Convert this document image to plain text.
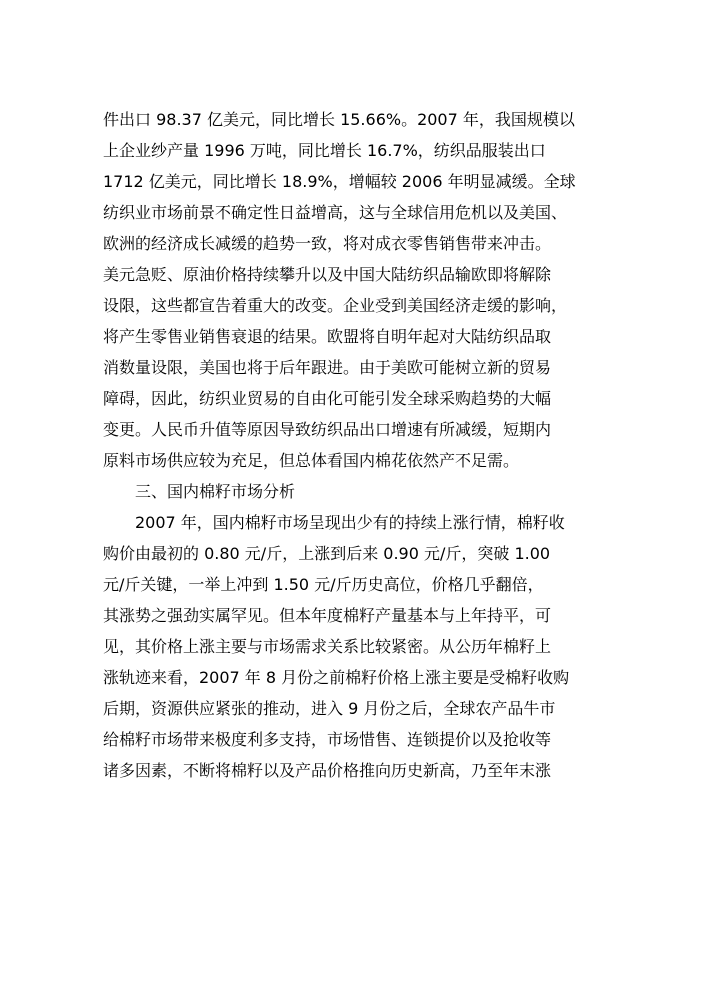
件出口 98.37 亿美元，同比增长 15.66%。2007 年，我国规模以
上企业纱产量 1996 万吨，同比增长 16.7%，纺织品服装出口
1712 亿美元，同比增长 18.9%，增幅较 2006 年明显减缓。全球
纺织业市场前景不确定性日益增高，这与全球信用危机以及美国、
欧洲的经济成长减缓的趋势一致，将对成衣零售销售带来冲击。
美元急贬、原油价格持续攀升以及中国大陆纺织品输欧即将解除
设限，这些都宣告着重大的改变。企业受到美国经济走缓的影响，
将产生零售业销售衰退的结果。欧盟将自明年起对大陆纺织品取
消数量设限，美国也将于后年跟进。由于美欧可能树立新的贸易
障碍，因此，纺织业贸易的自由化可能引发全球采购趋势的大幅
变更。人民币升值等原因导致纺织品出口增速有所减缓，短期内
原料市场供应较为充足，但总体看国内棉花依然产不足需。
三、国内棉籽市场分析
2007 年，国内棉籽市场呈现出少有的持续上涨行情，棉籽收
购价由最初的 0.80 元/斤，上涨到后来 0.90 元/斤，突破 1.00
元/斤关键，一举上冲到 1.50 元/斤历史高位，价格几乎翻倍，
其涨势之强劲实属罕见。但本年度棉籽产量基本与上年持平，可
见，其价格上涨主要与市场需求关系比较紧密。从公历年棉籽上
涨轨迹来看，2007 年 8 月份之前棉籽价格上涨主要是受棉籽收购
后期，资源供应紧张的推动，进入 9 月份之后，全球农产品牛市
给棉籽市场带来极度利多支持，市场惜售、连锁提价以及抢收等
诸多因素，不断将棉籽以及产品价格推向历史新高，乃至年末涨
